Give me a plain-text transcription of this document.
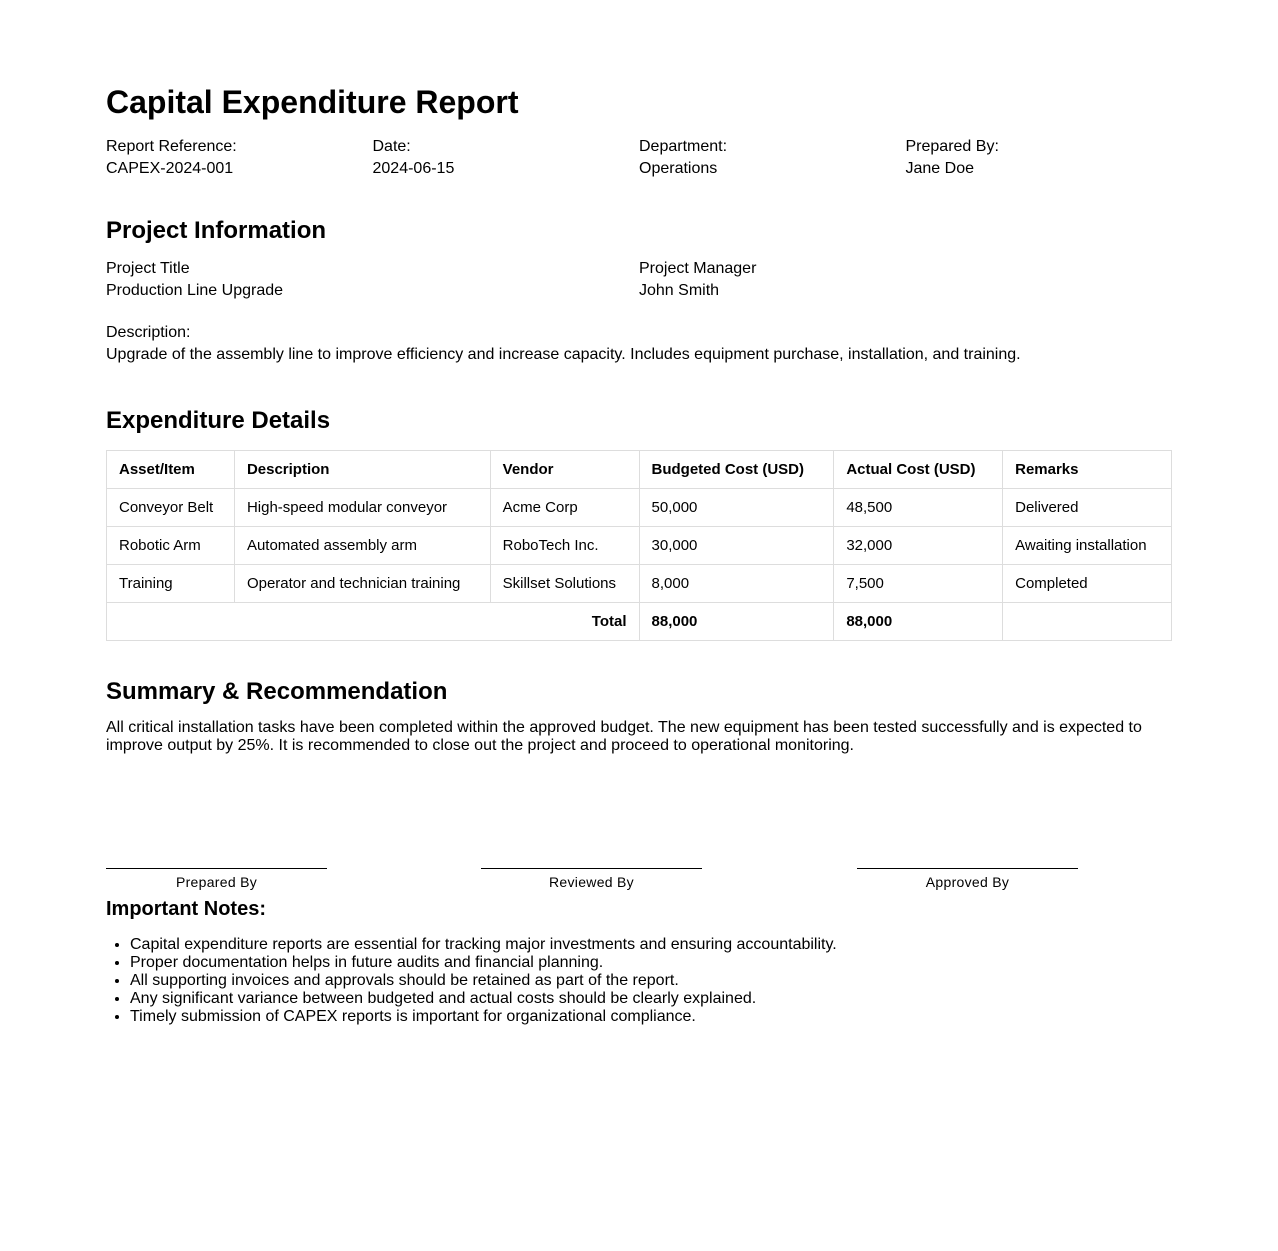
Capital Expenditure Report
Report Reference:
CAPEX-2024-001
Date:
2024-06-15
Department:
Operations
Prepared By:
Jane Doe
Project Information
Project Title
Production Line Upgrade
Project Manager
John Smith
Description:
Upgrade of the assembly line to improve efficiency and increase capacity. Includes equipment purchase, installation, and training.
Expenditure Details
Asset/Item	Description	Vendor	Budgeted Cost (USD)	Actual Cost (USD)	Remarks
Conveyor Belt	High-speed modular conveyor	Acme Corp	50,000	48,500	Delivered
Robotic Arm	Automated assembly arm	RoboTech Inc.	30,000	32,000	Awaiting installation
Training	Operator and technician training	Skillset Solutions	8,000	7,500	Completed
Total			88,000	88,000	
Summary & Recommendation
All critical installation tasks have been completed within the approved budget. The new equipment has been tested successfully and is expected to improve output by 25%. It is recommended to close out the project and proceed to operational monitoring.
Prepared By	Reviewed By	Approved By
Important Notes:
• Capital expenditure reports are essential for tracking major investments and ensuring accountability.
• Proper documentation helps in future audits and financial planning.
• All supporting invoices and approvals should be retained as part of the report.
• Any significant variance between budgeted and actual costs should be clearly explained.
• Timely submission of CAPEX reports is important for organizational compliance.
